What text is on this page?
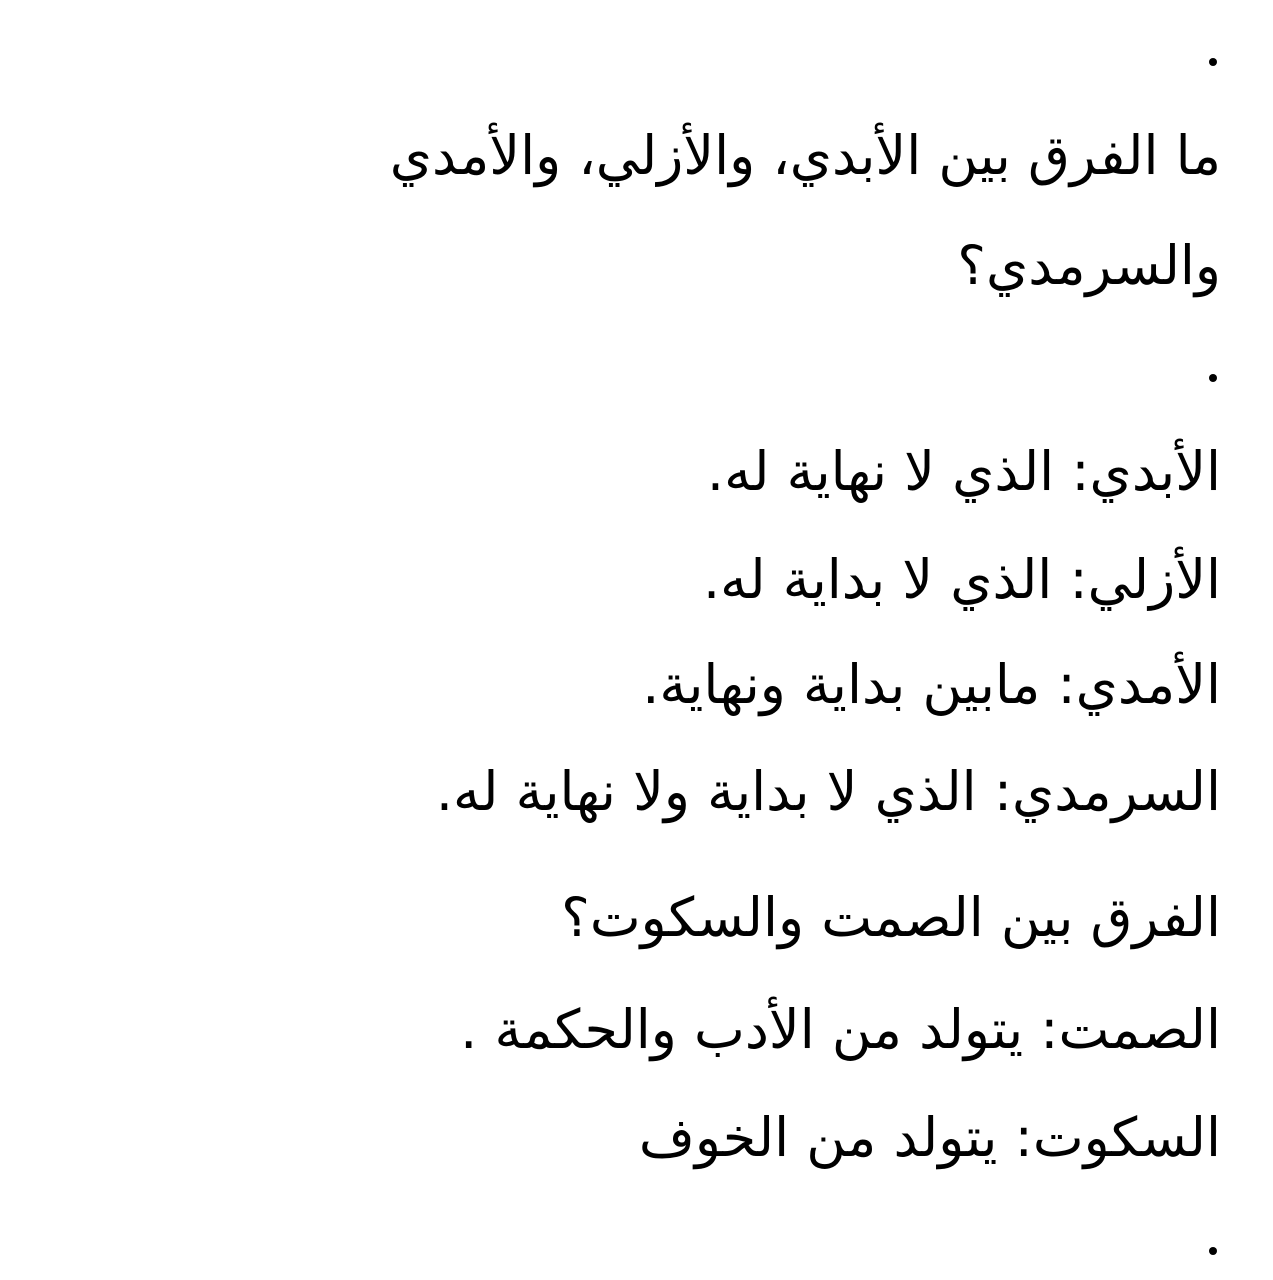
ما الفرق بين الأبدي، والأزلي، والأمدي
والسرمدي؟
الأبدي: الذي لا نهاية له.
الأزلي: الذي لا بداية له.
الأمدي: مابين بداية ونهاية.
السرمدي: الذي لا بداية ولا نهاية له.
الفرق بين الصمت والسكوت؟
الصمت: يتولد من الأدب والحكمة .
السكوت: يتولد من الخوف
